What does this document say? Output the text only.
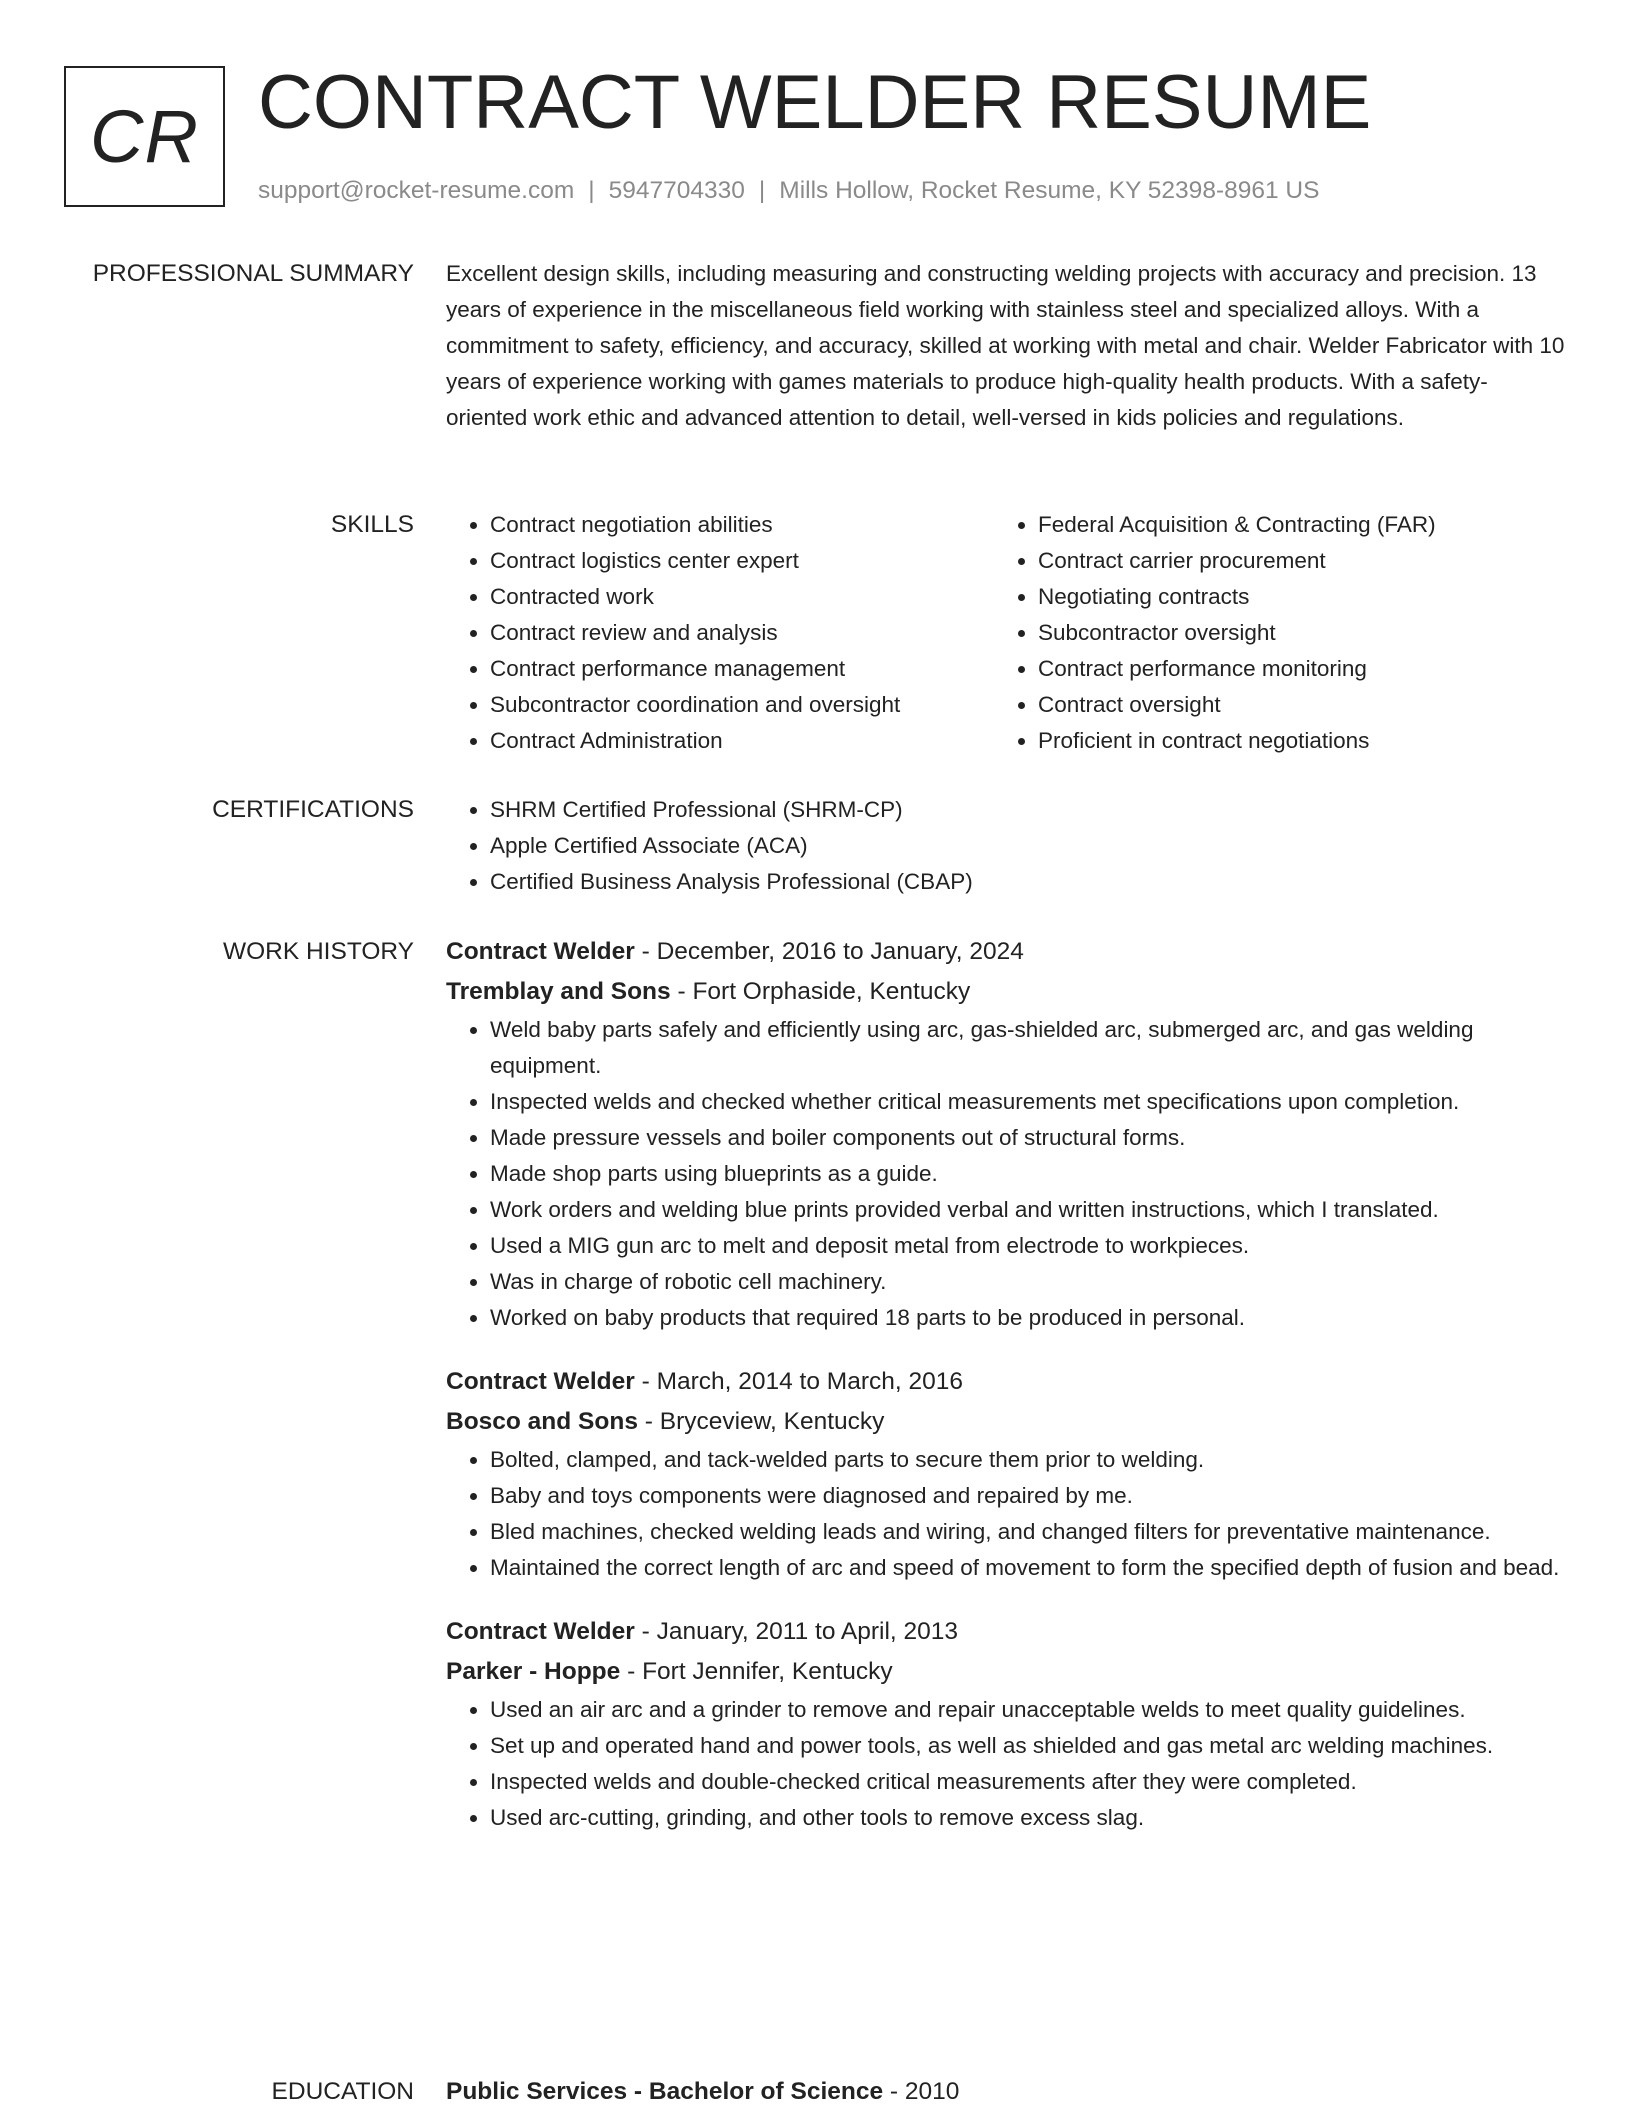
CR CONTRACT WELDER RESUME
support@rocket-resume.com | 5947704330 | Mills Hollow, Rocket Resume, KY 52398-8961 US
PROFESSIONAL SUMMARY Excellent design skills, including measuring and constructing welding projects with accuracy and precision. 13 years of experience in the miscellaneous field working with stainless steel and specialized alloys. With a commitment to safety, efficiency, and accuracy, skilled at working with metal and chair. Welder Fabricator with 10 years of experience working with games materials to produce high-quality health products. With a safety-oriented work ethic and advanced attention to detail, well-versed in kids policies and regulations.

SKILLS	• Contract negotiation abilities
• Contract logistics center expert
• Contracted work
• Contract review and analysis
• Contract performance management
• Subcontractor coordination and oversight
• Contract Administration
• Federal Acquisition & Contracting (FAR)
• Contract carrier procurement
• Negotiating contracts
• Subcontractor oversight
• Contract performance monitoring
• Contract oversight
• Proficient in contract negotiations
CERTIFICATIONS	• SHRM Certified Professional (SHRM-CP)
• Apple Certified Associate (ACA)
• Certified Business Analysis Professional (CBAP)
WORK HISTORY Contract Welder - December, 2016 to January, 2024
Tremblay and Sons - Fort Orphaside, Kentucky
• Weld baby parts safely and efficiently using arc, gas-shielded arc, submerged arc, and gas welding equipment.
• Inspected welds and checked whether critical measurements met specifications upon completion.
• Made pressure vessels and boiler components out of structural forms.
• Made shop parts using blueprints as a guide.
• Work orders and welding blue prints provided verbal and written instructions, which I translated.
• Used a MIG gun arc to melt and deposit metal from electrode to workpieces.
• Was in charge of robotic cell machinery.
• Worked on baby products that required 18 parts to be produced in personal.
Contract Welder - March, 2014 to March, 2016
Bosco and Sons - Bryceview, Kentucky
• Bolted, clamped, and tack-welded parts to secure them prior to welding.
• Baby and toys components were diagnosed and repaired by me.
• Bled machines, checked welding leads and wiring, and changed filters for preventative maintenance.
• Maintained the correct length of arc and speed of movement to form the specified depth of fusion and bead.
Contract Welder - January, 2011 to April, 2013
Parker - Hoppe - Fort Jennifer, Kentucky
• Used an air arc and a grinder to remove and repair unacceptable welds to meet quality guidelines.
• Set up and operated hand and power tools, as well as shielded and gas metal arc welding machines.
• Inspected welds and double-checked critical measurements after they were completed.
• Used arc-cutting, grinding, and other tools to remove excess slag.
EDUCATION Public Services - Bachelor of Science - 2010
